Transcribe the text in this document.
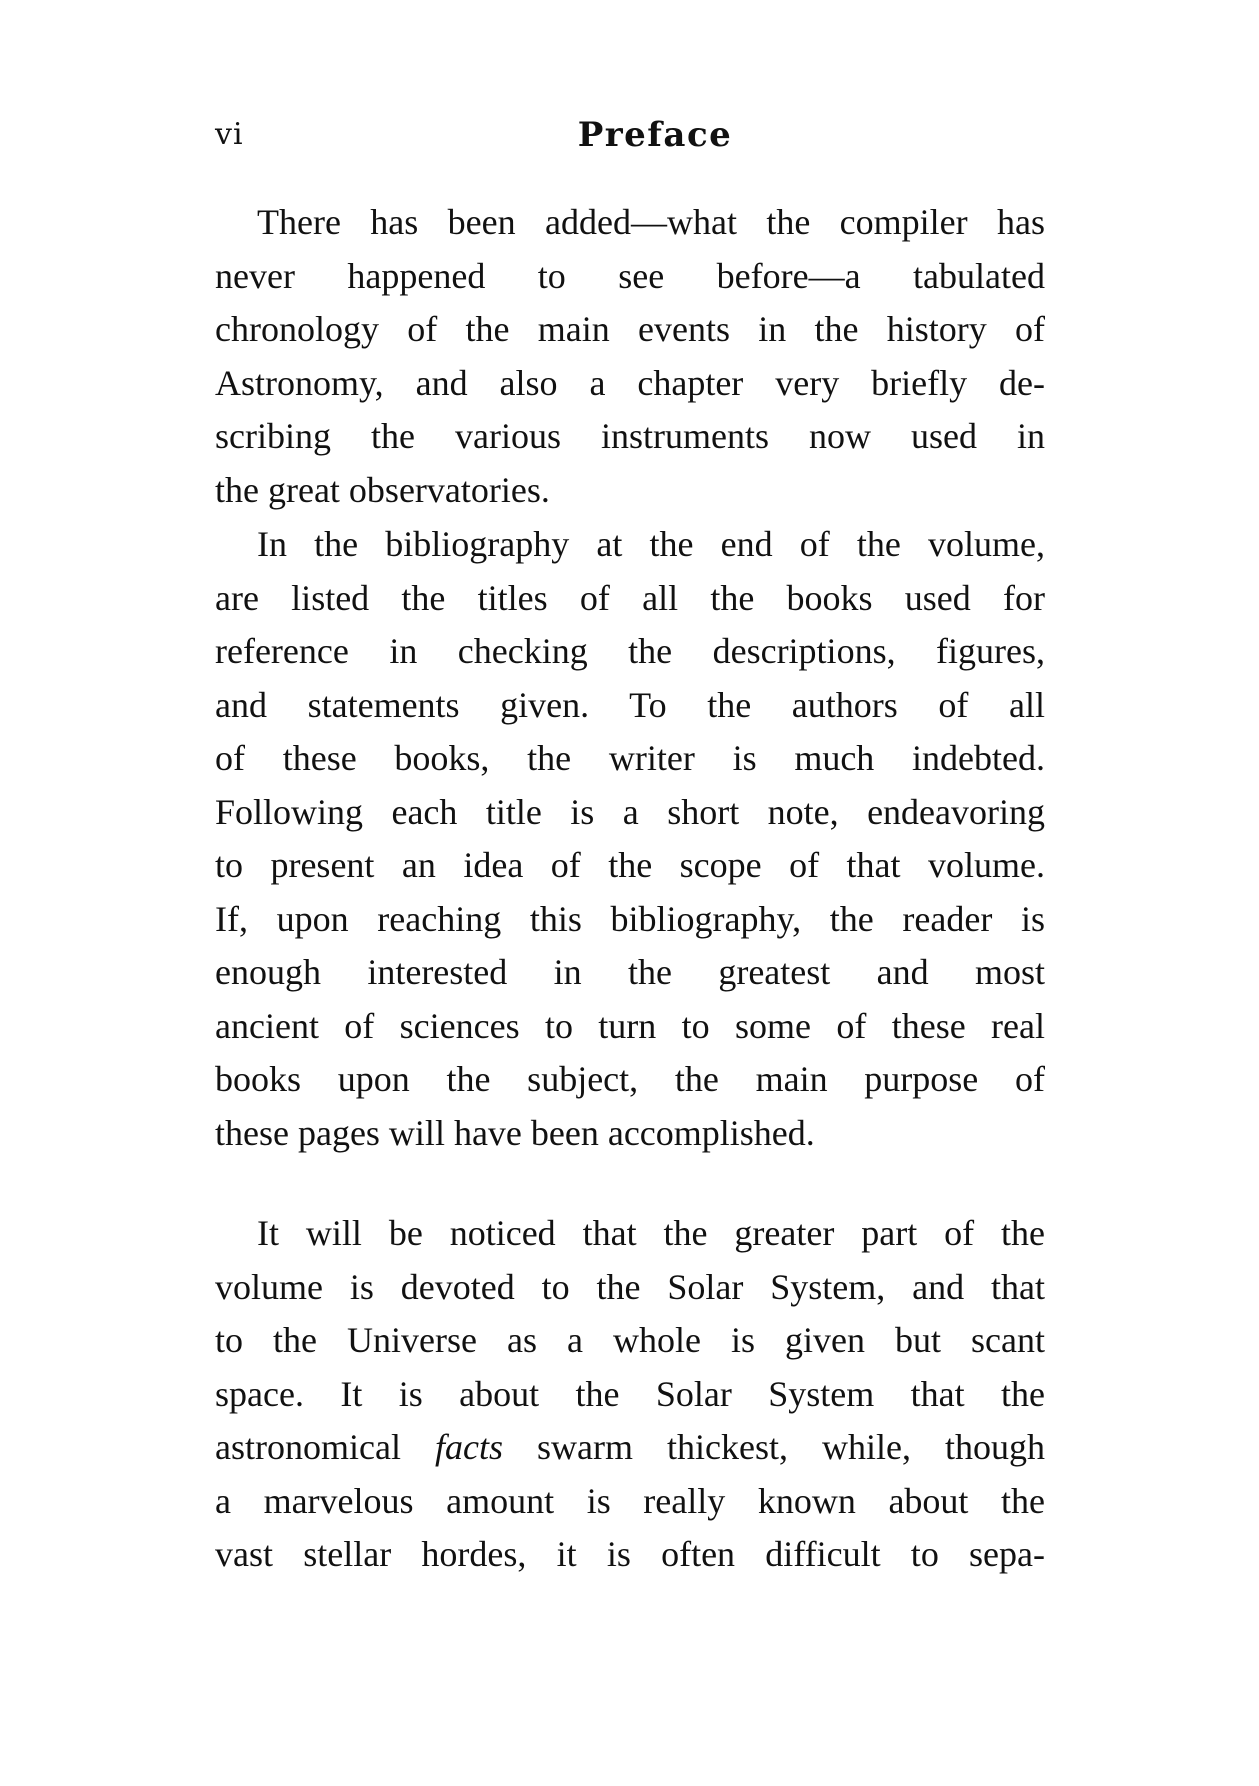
vi	Preface
There has been added—what the compiler has
never happened to see before—a tabulated
chronology of the main events in the history of
Astronomy, and also a chapter very briefly de-
scribing the various instruments now used in
the great observatories.
In the bibliography at the end of the volume,
are listed the titles of all the books used for
reference in checking the descriptions, figures,
and statements given. To the authors of all
of these books, the writer is much indebted.
Following each title is a short note, endeavoring
to present an idea of the scope of that volume.
If, upon reaching this bibliography, the reader is
enough interested in the greatest and most
ancient of sciences to turn to some of these real
books upon the subject, the main purpose of
these pages will have been accomplished.
It will be noticed that the greater part of the
volume is devoted to the Solar System, and that
to the Universe as a whole is given but scant
space. It is about the Solar System that the
astronomical facts swarm thickest, while, though
a marvelous amount is really known about the
vast stellar hordes, it is often difficult to sepa-
